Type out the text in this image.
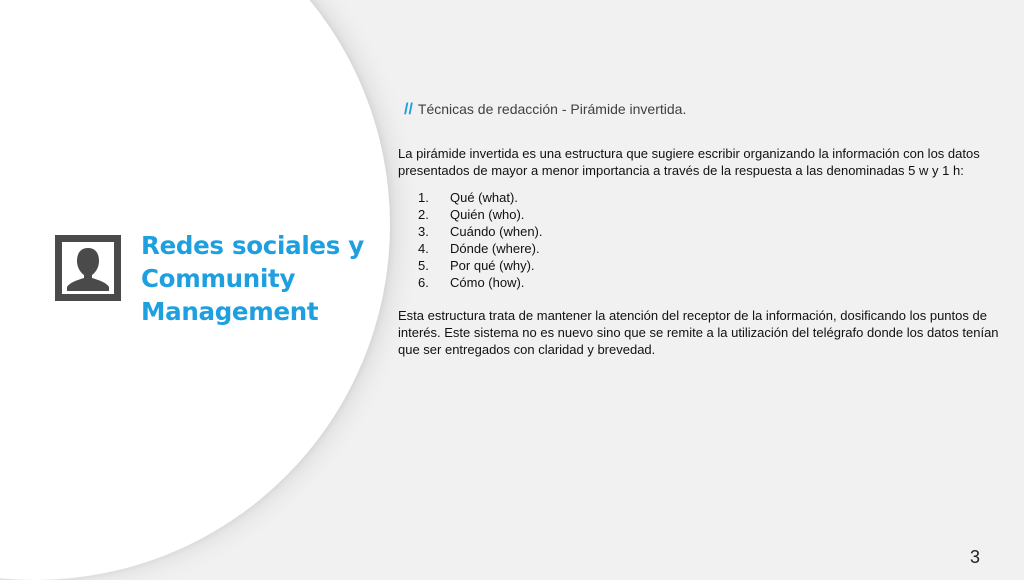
Redes sociales y Community Management
// Técnicas de redacción - Pirámide invertida.

La pirámide invertida es una estructura que sugiere escribir organizando la información con los datos presentados de mayor a menor importancia a través de la respuesta a las denominadas 5 w y 1 h:

1.	Qué (what).
2.	Quién (who).
3.	Cuándo (when).
4.	Dónde (where).
5.	Por qué (why).
6.	Cómo (how).

Esta estructura trata de mantener la atención del receptor de la información, dosificando los puntos de interés. Este sistema no es nuevo sino que se remite a la utilización del telégrafo donde los datos tenían que ser entregados con claridad y brevedad.

3
